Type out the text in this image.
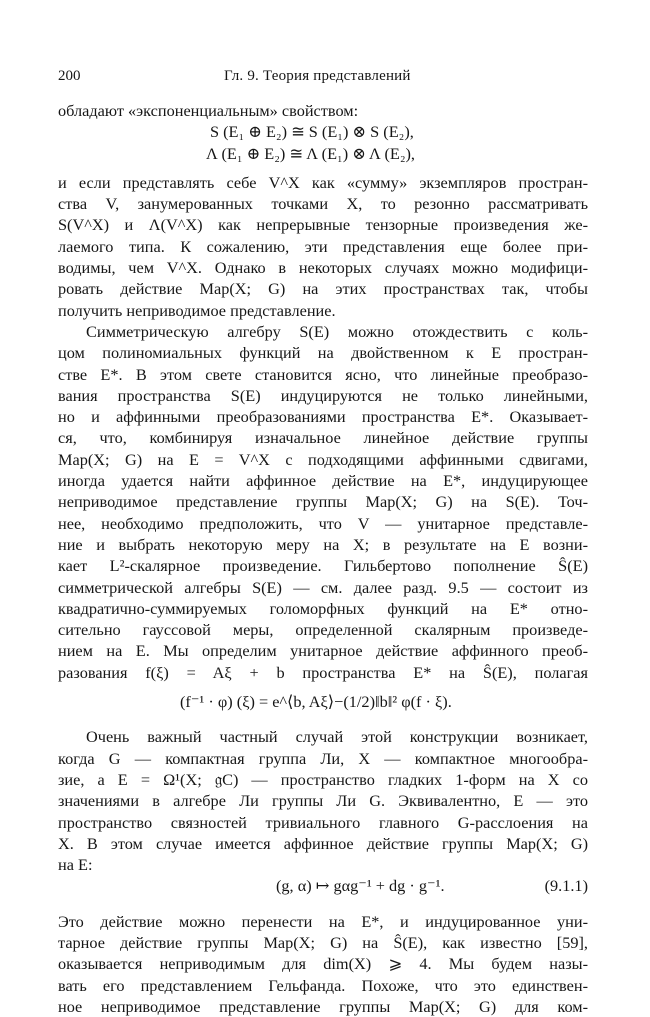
200	Гл. 9. Теория представлений
обладают «экспоненциальным» свойством:
S (E₁ ⊕ E₂) ≅ S (E₁) ⊗ S (E₂),
Λ (E₁ ⊕ E₂) ≅ Λ (E₁) ⊗ Λ (E₂),
и если представлять себе V^X как «сумму» экземпляров простран-
ства V, занумерованных точками X, то резонно рассматривать
S(V^X) и Λ(V^X) как непрерывные тензорные произведения же-
лаемого типа. К сожалению, эти представления еще более при-
водимы, чем V^X. Однако в некоторых случаях можно модифици-
ровать действие Map(X; G) на этих пространствах так, чтобы
получить неприводимое представление.
Симметрическую алгебру S(E) можно отождествить с коль-
цом полиномиальных функций на двойственном к E простран-
стве E*. В этом свете становится ясно, что линейные преобразо-
вания пространства S(E) индуцируются не только линейными,
но и аффинными преобразованиями пространства E*. Оказывает-
ся, что, комбинируя изначальное линейное действие группы
Map(X; G) на E = V^X с подходящими аффинными сдвигами,
иногда удается найти аффинное действие на E*, индуцирующее
неприводимое представление группы Map(X; G) на S(E). Точ-
нее, необходимо предположить, что V — унитарное представле-
ние и выбрать некоторую меру на X; в результате на E возни-
кает L²-скалярное произведение. Гильбертово пополнение Ŝ(E)
симметрической алгебры S(E) — см. далее разд. 9.5 — состоит из
квадратично-суммируемых голоморфных функций на E* отно-
сительно гауссовой меры, определенной скалярным произведе-
нием на E. Мы определим унитарное действие аффинного преоб-
разования f(ξ) = Aξ + b пространства E* на Ŝ(E), полагая
(f⁻¹ · φ) (ξ) = e^⟨b, Aξ⟩−(1/2)‖b‖² φ(f · ξ).
Очень важный частный случай этой конструкции возникает,
когда G — компактная группа Ли, X — компактное многообра-
зие, а E = Ω¹(X; 𝔤C) — пространство гладких 1-форм на X со
значениями в алгебре Ли группы Ли G. Эквивалентно, E — это
пространство связностей тривиального главного G-расслоения на
X. В этом случае имеется аффинное действие группы Map(X; G)
на E:
(g, α) ↦ gαg⁻¹ + dg · g⁻¹.	(9.1.1)
Это действие можно перенести на E*, и индуцированное уни-
тарное действие группы Map(X; G) на Ŝ(E), как известно [59],
оказывается неприводимым для dim(X) ⩾ 4. Мы будем назы-
вать его представлением Гельфанда. Похоже, что это единствен-
ное неприводимое представление группы Map(X; G) для ком-
